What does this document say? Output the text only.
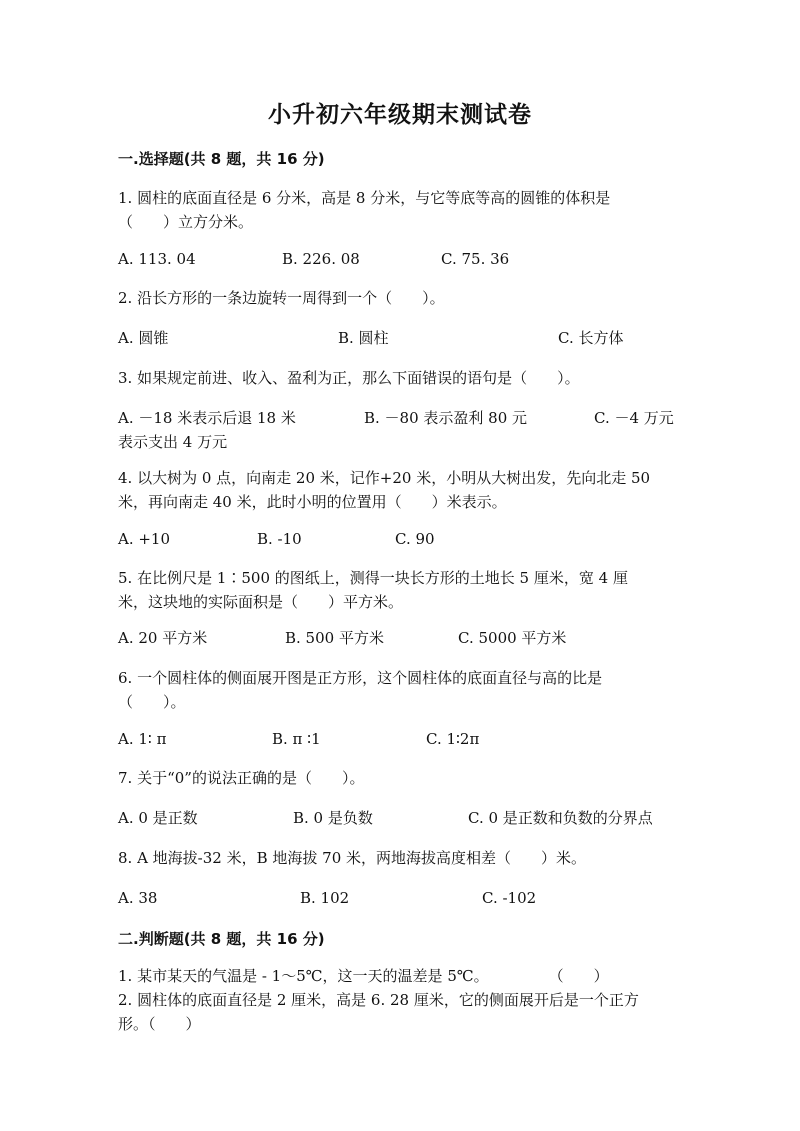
小升初六年级期末测试卷
一.选择题(共 8 题，共 16 分)
1. 圆柱的底面直径是 6 分米，高是 8 分米，与它等底等高的圆锥的体积是
（　　）立方分米。
A. 113. 04	B. 226. 08	C. 75. 36
2. 沿长方形的一条边旋转一周得到一个（　　）。
A. 圆锥	B. 圆柱	C. 长方体
3. 如果规定前进、收入、盈利为正，那么下面错误的语句是（　　）。
A. －18 米表示后退 18 米	B. －80 表示盈利 80 元	C. －4 万元
表示支出 4 万元
4. 以大树为 0 点，向南走 20 米，记作+20 米，小明从大树出发，先向北走 50
米，再向南走 40 米，此时小明的位置用（　　）米表示。
A. +10	B. -10	C. 90
5. 在比例尺是 1∶500 的图纸上，测得一块长方形的土地长 5 厘米，宽 4 厘
米，这块地的实际面积是（　　）平方米。
A. 20 平方米	B. 500 平方米	C. 5000 平方米
6. 一个圆柱体的侧面展开图是正方形，这个圆柱体的底面直径与高的比是
（　　）。
A. 1∶ π	B. π ∶1	C. 1∶2π
7. 关于“0”的说法正确的是（　　）。
A. 0 是正数	B. 0 是负数	C. 0 是正数和负数的分界点
8. A 地海拔-32 米，B 地海拔 70 米，两地海拔高度相差（　　）米。
A. 38	B. 102	C. -102
二.判断题(共 8 题，共 16 分)
1. 某市某天的气温是 - 1～5℃，这一天的温差是 5℃。　　　　　（　　）
2. 圆柱体的底面直径是 2 厘米，高是 6. 28 厘米，它的侧面展开后是一个正方
形。（　　）
